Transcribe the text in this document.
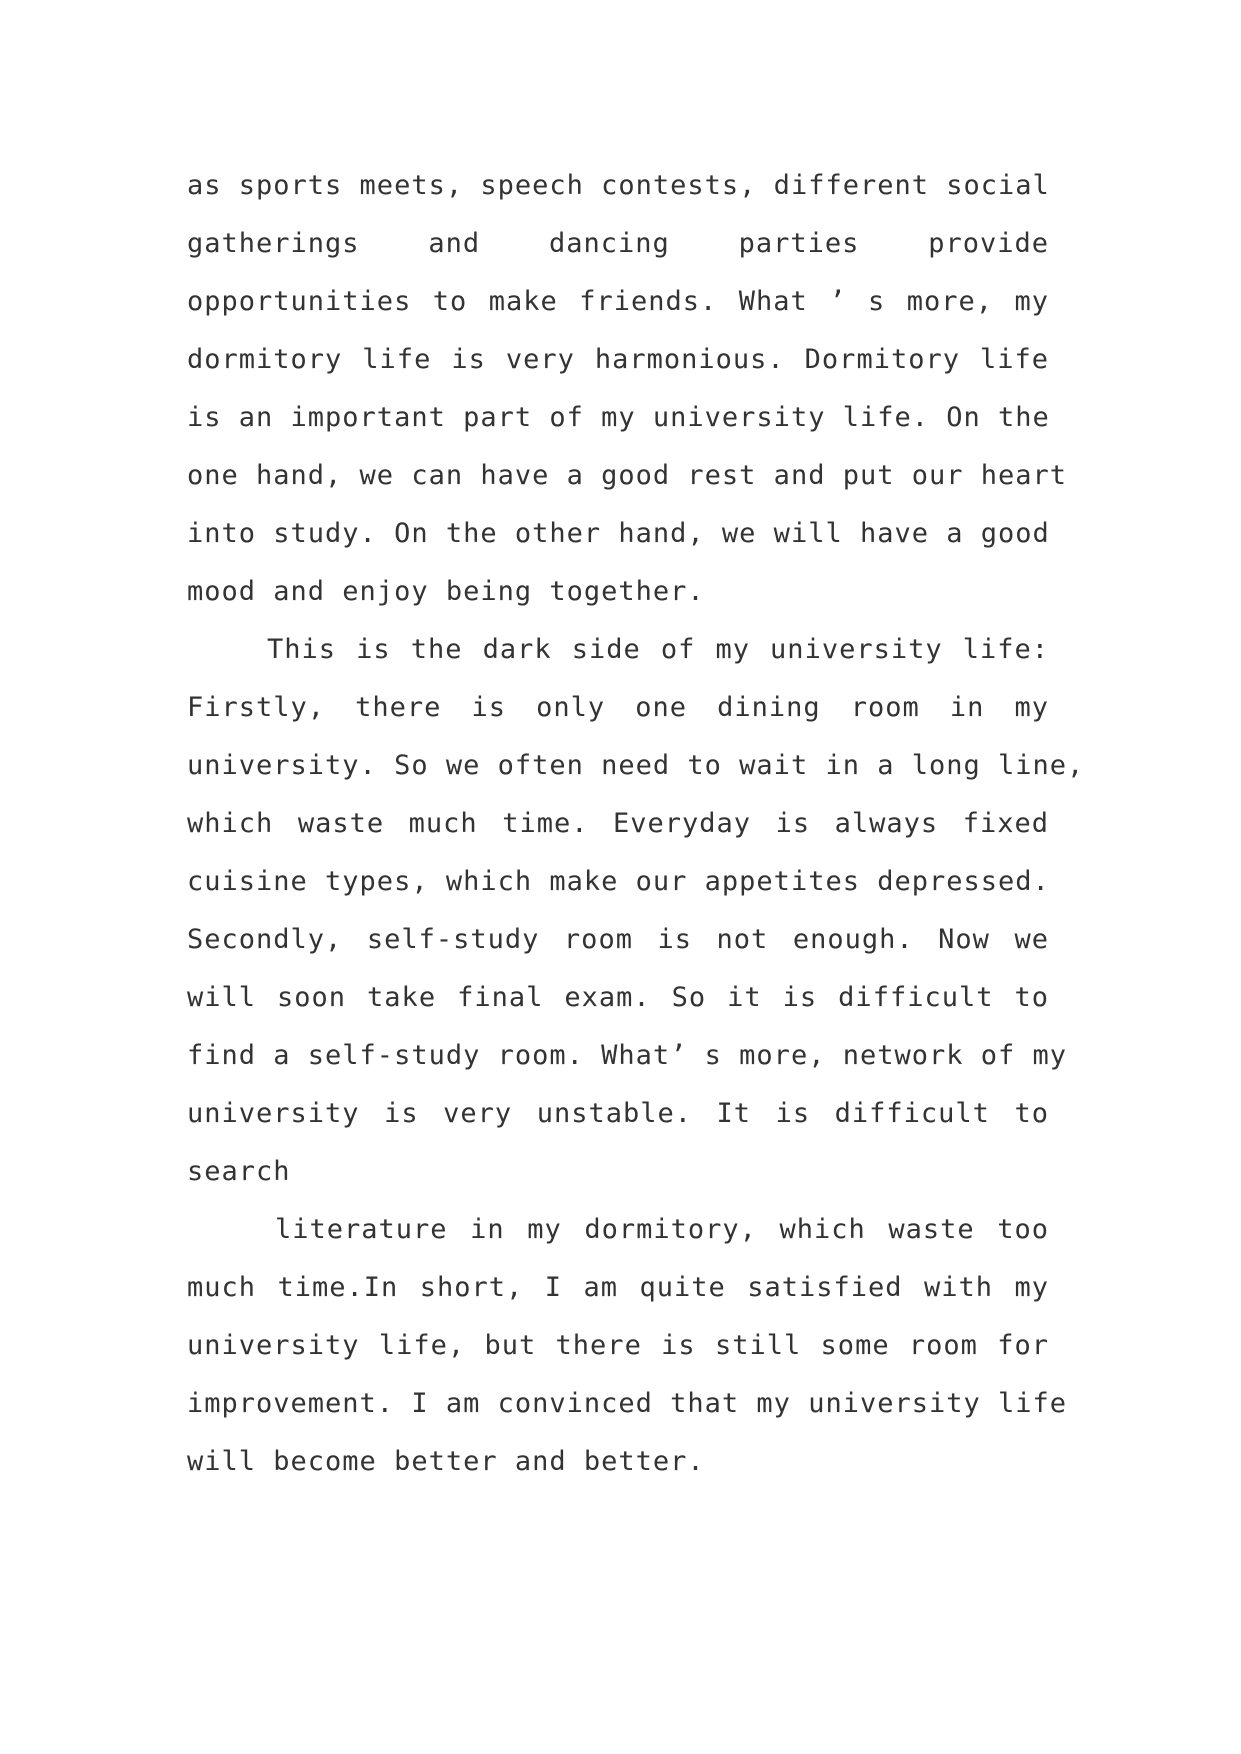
as sports meets, speech contests, different social
gatherings and dancing parties provide
opportunities to make friends. What ’ s more, my
dormitory life is very harmonious. Dormitory life
is an important part of my university life. On the
one hand, we can have a good rest and put our heart
into study. On the other hand, we will have a good
mood and enjoy being together.
This is the dark side of my university life:
Firstly, there is only one dining room in my
university. So we often need to wait in a long line,
which waste much time. Everyday is always fixed
cuisine types, which make our appetites depressed.
Secondly, self-study room is not enough. Now we
will soon take final exam. So it is difficult to
find a self-study room. What’ s more, network of my
university is very unstable. It is difficult to
search
literature in my dormitory, which waste too
much time.In short, I am quite satisfied with my
university life, but there is still some room for
improvement. I am convinced that my university life
will become better and better.
